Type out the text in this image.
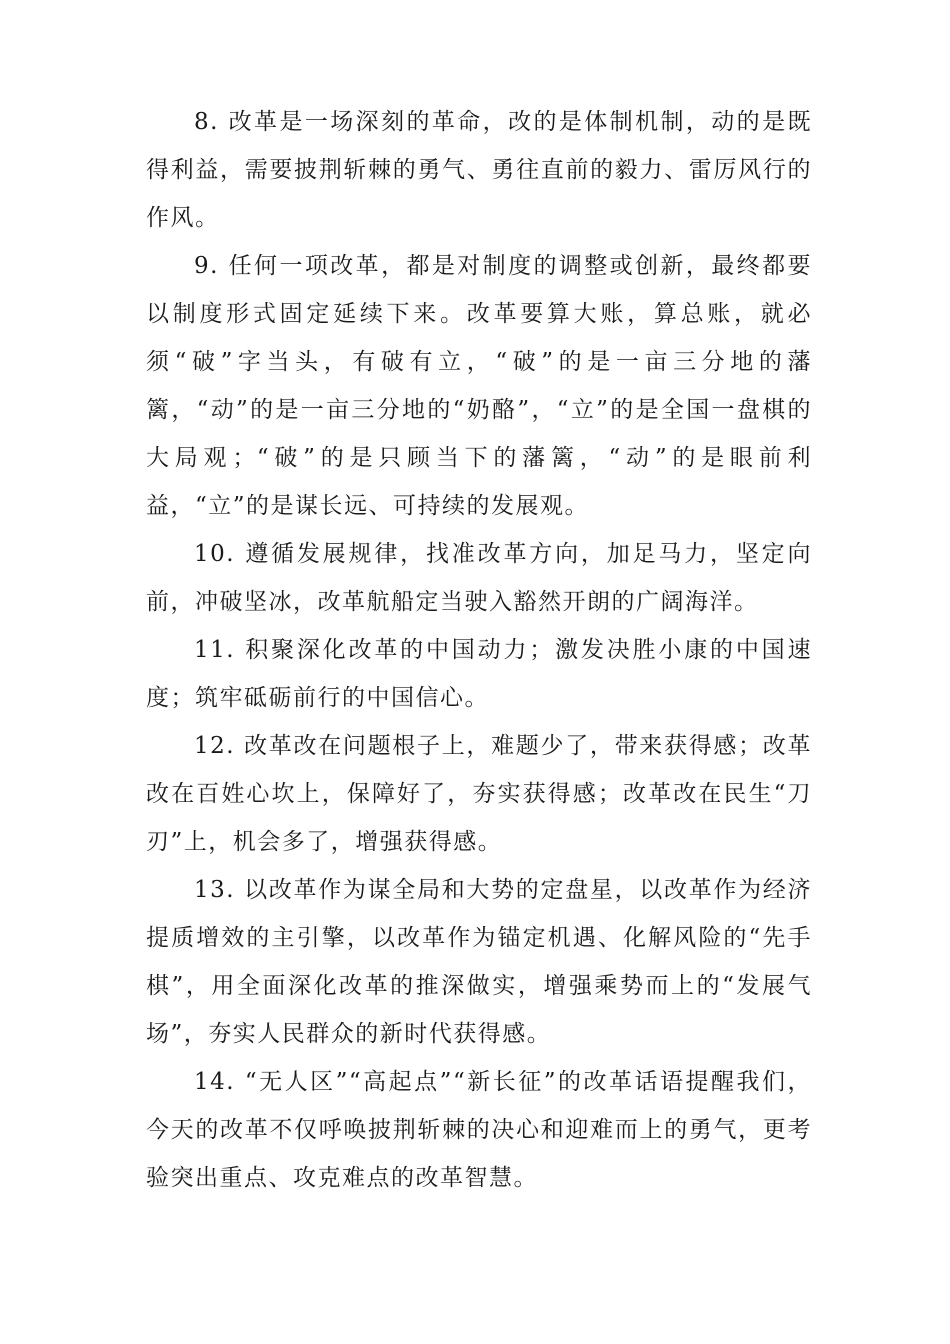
8. 改革是一场深刻的革命，改的是体制机制，动的是既得利益，需要披荆斩棘的勇气、勇往直前的毅力、雷厉风行的作风。

9. 任何一项改革，都是对制度的调整或创新，最终都要以制度形式固定延续下来。改革要算大账，算总账，就必须“破”字当头，有破有立，“破”的是一亩三分地的藩篱，“动”的是一亩三分地的“奶酪”，“立”的是全国一盘棋的大局观；“破”的是只顾当下的藩篱，“动”的是眼前利益，“立”的是谋长远、可持续的发展观。

10. 遵循发展规律，找准改革方向，加足马力，坚定向前，冲破坚冰，改革航船定当驶入豁然开朗的广阔海洋。

11. 积聚深化改革的中国动力；激发决胜小康的中国速度；筑牢砥砺前行的中国信心。

12. 改革改在问题根子上，难题少了，带来获得感；改革改在百姓心坎上，保障好了，夯实获得感；改革改在民生“刀刃”上，机会多了，增强获得感。

13. 以改革作为谋全局和大势的定盘星，以改革作为经济提质增效的主引擎，以改革作为锚定机遇、化解风险的“先手棋”，用全面深化改革的推深做实，增强乘势而上的“发展气场”，夯实人民群众的新时代获得感。

14. “无人区”“高起点”“新长征”的改革话语提醒我们，今天的改革不仅呼唤披荆斩棘的决心和迎难而上的勇气，更考验突出重点、攻克难点的改革智慧。
